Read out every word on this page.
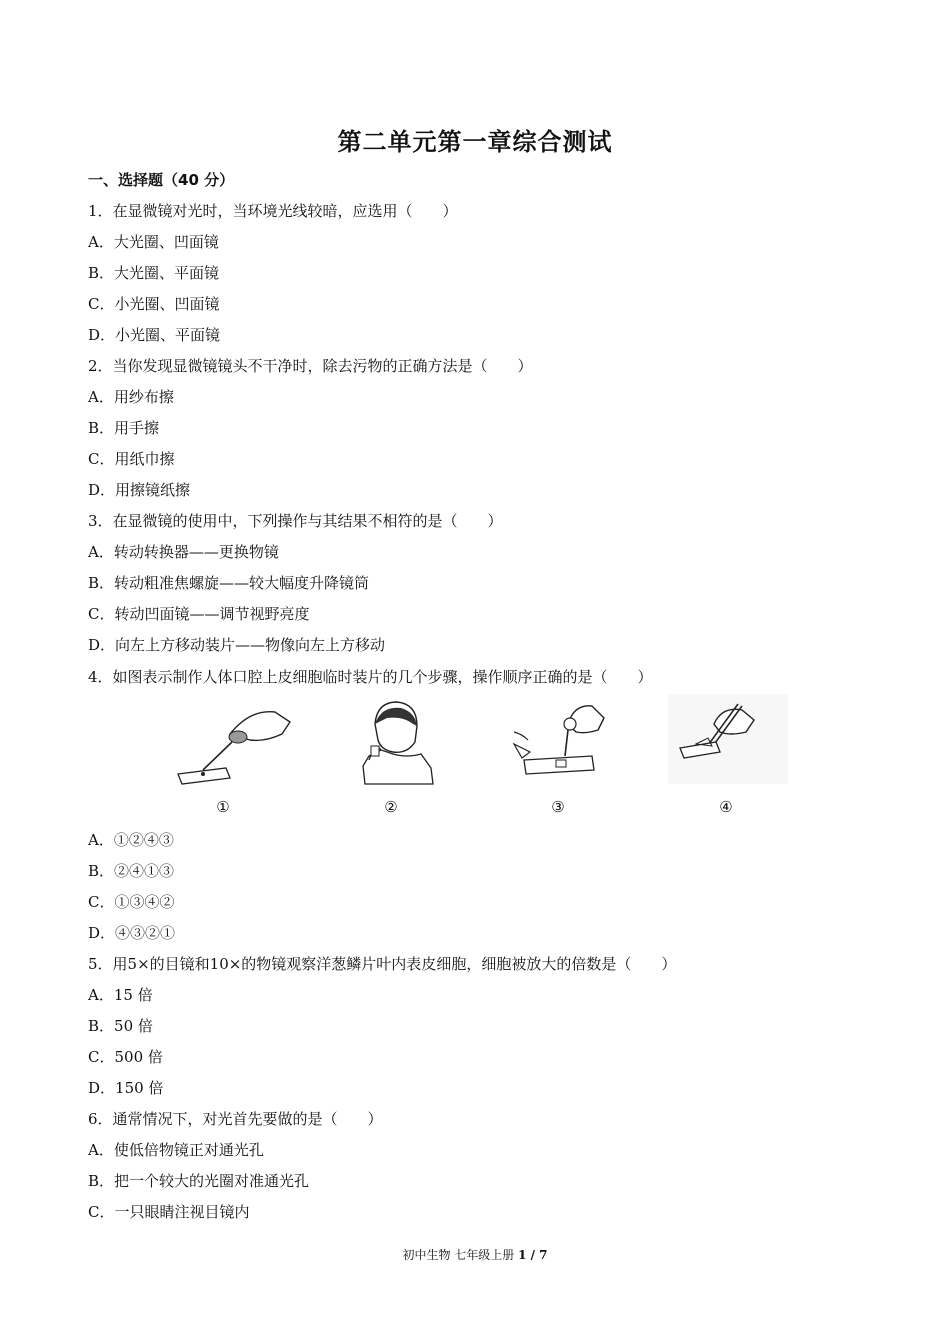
第二单元第一章综合测试
一、选择题（40 分）
1．在显微镜对光时，当环境光线较暗，应选用（　　）
A．大光圈、凹面镜
B．大光圈、平面镜
C．小光圈、凹面镜
D．小光圈、平面镜
2．当你发现显微镜镜头不干净时，除去污物的正确方法是（　　）
A．用纱布擦
B．用手擦
C．用纸巾擦
D．用擦镜纸擦
3．在显微镜的使用中，下列操作与其结果不相符的是（　　）
A．转动转换器——更换物镜
B．转动粗准焦螺旋——较大幅度升降镜筒
C．转动凹面镜——调节视野亮度
D．向左上方移动装片——物像向左上方移动
4．如图表示制作人体口腔上皮细胞临时装片的几个步骤，操作顺序正确的是（　　）
①	②	③	④
A．①②④③
B．②④①③
C．①③④②
D．④③②①
5．用5×的目镜和10×的物镜观察洋葱鳞片叶内表皮细胞，细胞被放大的倍数是（　　）
A．15 倍
B．50 倍
C．500 倍
D．150 倍
6．通常情况下，对光首先要做的是（　　）
A．使低倍物镜正对通光孔
B．把一个较大的光圈对准通光孔
C．一只眼睛注视目镜内
初中生物 七年级上册 1 / 7
